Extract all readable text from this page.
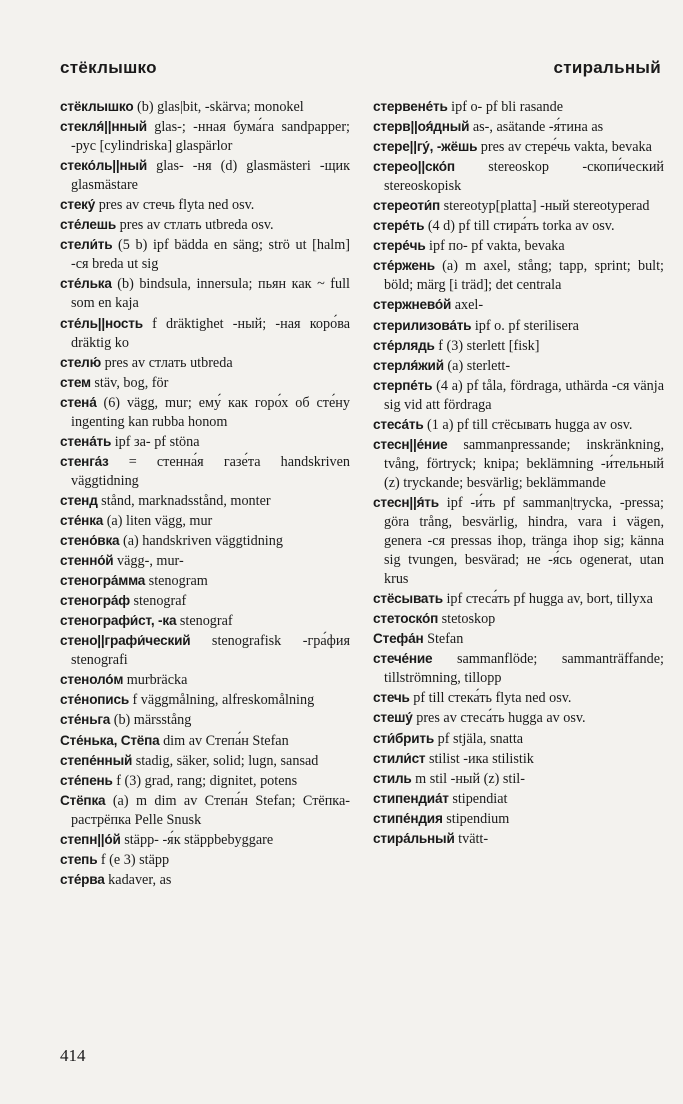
стёклышко	стиральный

стёклышко (b) glas|bit, -skärva; monokel

стекля́||нный glas-; -нная бума́га sandpapper; -рус [cylindriska] glaspärlor

стеко́ль||ный glas- -ня (d) glasmästeri -щик glasmästare

стеку́ pres av стечь flyta ned osv.

сте́лешь pres av стлать utbreda osv.

стели́ть (5 b) ipf bädda en säng; strö ut [halm] -ся breda ut sig

сте́лька (b) bindsula, innersula; пьян как ~ full som en kaja

сте́ль||ность f dräktighet -ный; -ная коро́ва dräktig ko

стелю́ pres av стлать utbreda

стем stäv, bog, för

стена́ (6) vägg, mur; ему́ как горо́х об сте́ну ingenting kan rubba honom

стена́ть ipf за- pf stöna

стенга́з = стенна́я газе́та handskriven väggtidning

стенд stånd, marknadsstånd, monter

сте́нка (a) liten vägg, mur

стено́вка (a) handskriven väggtidning

стенно́й vägg-, mur-

стеногра́мма stenogram

стеногра́ф stenograf

стенографи́ст, -ка stenograf

стено||графи́ческий stenografisk -гра́фия stenografi

стеноло́м murbräcka

сте́нопись f väggmålning, alfreskomålning

сте́ньга (b) märsstång

Сте́нька, Стёпа dim av Степа́н Stefan

степе́нный stadig, säker, solid; lugn, sansad

сте́пень f (3) grad, rang; dignitet, potens

Стёпка (a) m dim av Степа́н Stefan; Стёпка-растрёпка Pelle Snusk

степн||о́й stäpp- -я́к stäppbebyggare

степь f (e 3) stäpp

сте́рва kadaver, as

стервене́ть ipf о- pf bli rasande

стерв||оя́дный as-, asätande -я́тина as

стере||гу́, -жёшь pres av стере́чь vakta, bevaka

стерео||ско́п stereoskop -скопи́ческий stereoskopisk

стереоти́п stereotyp[platta] -ный stereotyperad

стере́ть (4 d) pf till стира́ть torka av osv.

стере́чь ipf по- pf vakta, bevaka

сте́ржень (a) m axel, stång; tapp, sprint; bult; böld; märg [i träd]; det centrala

стержнево́й axel-

стерилизова́ть ipf o. pf sterilisera

сте́рлядь f (3) sterlett [fisk]

стерля́жий (a) sterlett-

стерпе́ть (4 a) pf tåla, fördraga, uthärda -ся vänja sig vid att fördraga

стеса́ть (1 a) pf till стёсывать hugga av osv.

стесн||е́ние sammanpressande; inskränkning, tvång, förtryck; knipa; beklämning -и́тельный (z) tryckande; besvärlig; beklämmande

стесн||я́ть ipf -и́ть pf samman|trycka, -pressa; göra trång, besvärlig, hindra, vara i vägen, genera -ся pressas ihop, tränga ihop sig; känna sig tvungen, besvärad; не -я́сь ogenerat, utan krus

стёсывать ipf стеса́ть pf hugga av, bort, tillyxa

стетоско́п stetoskop

Стефа́н Stefan

стече́ние sammanflöde; sammanträffande; tillströmning, tillopp

стечь pf till стека́ть flyta ned osv.

стешу́ pres av стеса́ть hugga av osv.

сти́брить pf stjäla, snatta

стили́ст stilist -ика stilistik

стиль m stil -ный (z) stil-

стипендиа́т stipendiat

стипе́ндия stipendium

стира́льный tvätt-

414
